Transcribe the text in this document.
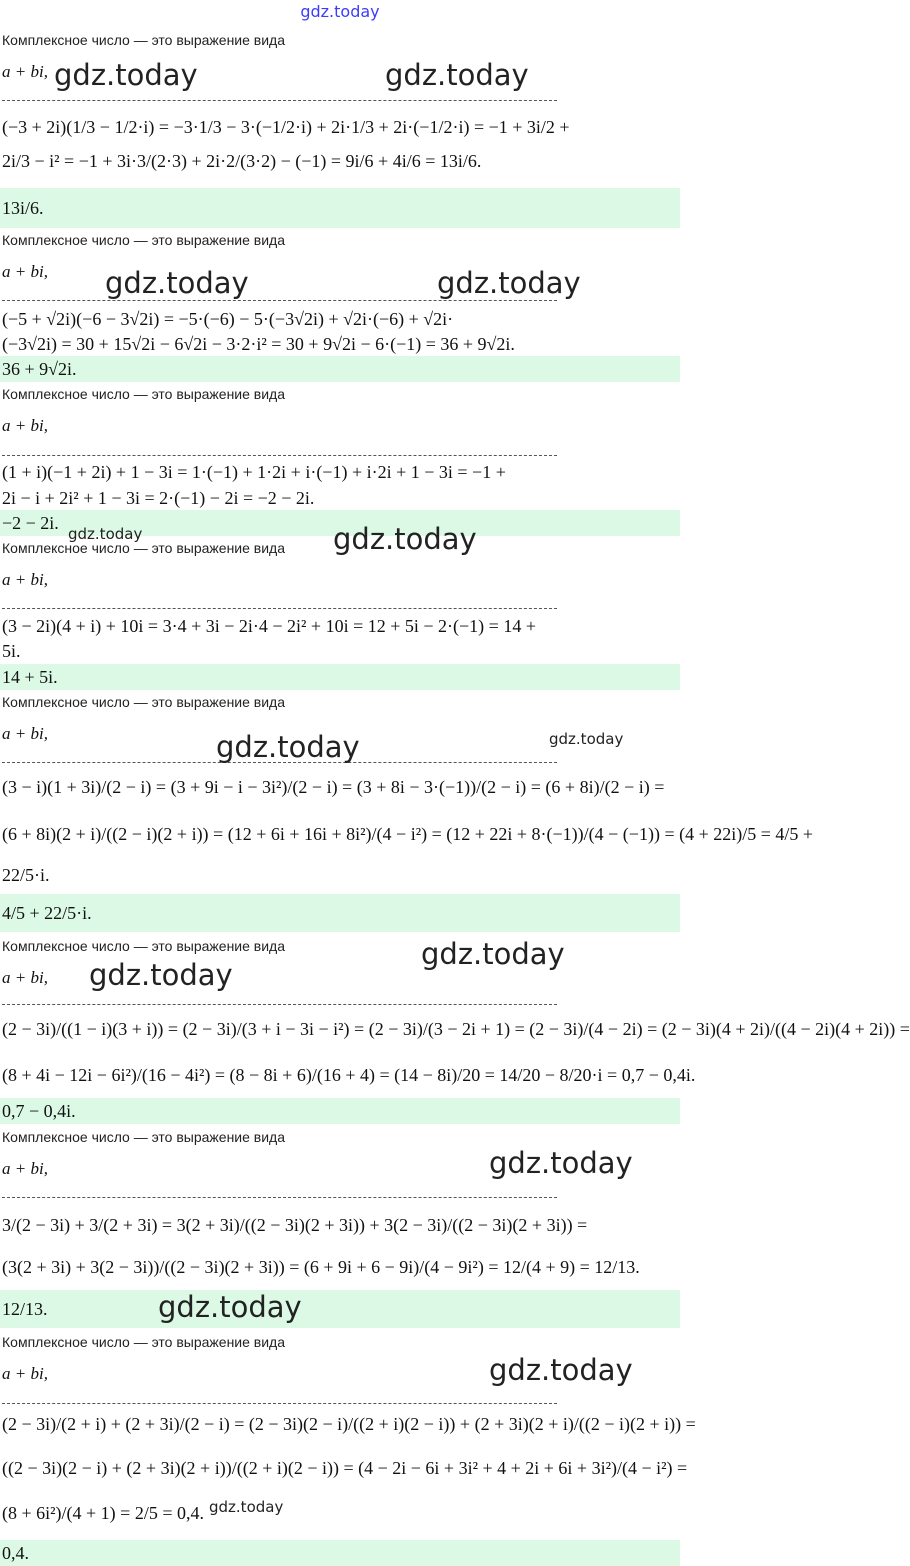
gdz.today
Комплексное число — это выражение вида
a + bi,
(−3 + 2i)(1/3 − 1/2·i) = −3·1/3 − 3·(−1/2·i) + 2i·1/3 + 2i·(−1/2·i) = −1 + 3i/2 +
2i/3 − i² = −1 + 3i·3/(2·3) + 2i·2/(3·2) − (−1) = 9i/6 + 4i/6 = 13i/6.
13i/6.
Комплексное число — это выражение вида
a + bi,
(−5 + √2i)(−6 − 3√2i) = −5·(−6) − 5·(−3√2i) + √2i·(−6) + √2i·
(−3√2i) = 30 + 15√2i − 6√2i − 3·2·i² = 30 + 9√2i − 6·(−1) = 36 + 9√2i.
36 + 9√2i.
Комплексное число — это выражение вида
a + bi,
(1 + i)(−1 + 2i) + 1 − 3i = 1·(−1) + 1·2i + i·(−1) + i·2i + 1 − 3i = −1 +
2i − i + 2i² + 1 − 3i = 2·(−1) − 2i = −2 − 2i.
−2 − 2i.
Комплексное число — это выражение вида
a + bi,
(3 − 2i)(4 + i) + 10i = 3·4 + 3i − 2i·4 − 2i² + 10i = 12 + 5i − 2·(−1) = 14 +
5i.
14 + 5i.
Комплексное число — это выражение вида
a + bi,
(3 − i)(1 + 3i)/(2 − i) = (3 + 9i − i − 3i²)/(2 − i) = (3 + 8i − 3·(−1))/(2 − i) = (6 + 8i)/(2 − i) =
(6 + 8i)(2 + i)/((2 − i)(2 + i)) = (12 + 6i + 16i + 8i²)/(4 − i²) = (12 + 22i + 8·(−1))/(4 − (−1)) = (4 + 22i)/5 = 4/5 +
22/5·i.
4/5 + 22/5·i.
Комплексное число — это выражение вида
a + bi,
(2 − 3i)/((1 − i)(3 + i)) = (2 − 3i)/(3 + i − 3i − i²) = (2 − 3i)/(3 − 2i + 1) = (2 − 3i)/(4 − 2i) = (2 − 3i)(4 + 2i)/((4 − 2i)(4 + 2i)) =
(8 + 4i − 12i − 6i²)/(16 − 4i²) = (8 − 8i + 6)/(16 + 4) = (14 − 8i)/20 = 14/20 − 8/20·i = 0,7 − 0,4i.
0,7 − 0,4i.
Комплексное число — это выражение вида
a + bi,
3/(2 − 3i) + 3/(2 + 3i) = 3(2 + 3i)/((2 − 3i)(2 + 3i)) + 3(2 − 3i)/((2 − 3i)(2 + 3i)) =
(3(2 + 3i) + 3(2 − 3i))/((2 − 3i)(2 + 3i)) = (6 + 9i + 6 − 9i)/(4 − 9i²) = 12/(4 + 9) = 12/13.
12/13.
Комплексное число — это выражение вида
a + bi,
(2 − 3i)/(2 + i) + (2 + 3i)/(2 − i) = (2 − 3i)(2 − i)/((2 + i)(2 − i)) + (2 + 3i)(2 + i)/((2 − i)(2 + i)) =
((2 − 3i)(2 − i) + (2 + 3i)(2 + i))/((2 + i)(2 − i)) = (4 − 2i − 6i + 3i² + 4 + 2i + 6i + 3i²)/(4 − i²) =
(8 + 6i²)/(4 + 1) = 2/5 = 0,4.
0,4.
gdz.today	gdz.today
gdz.today	gdz.today
gdz.today	gdz.today
gdz.today
gdz.today
gdz.today
gdz.today
gdz.today
gdz.today
gdz.today
gdz.today
